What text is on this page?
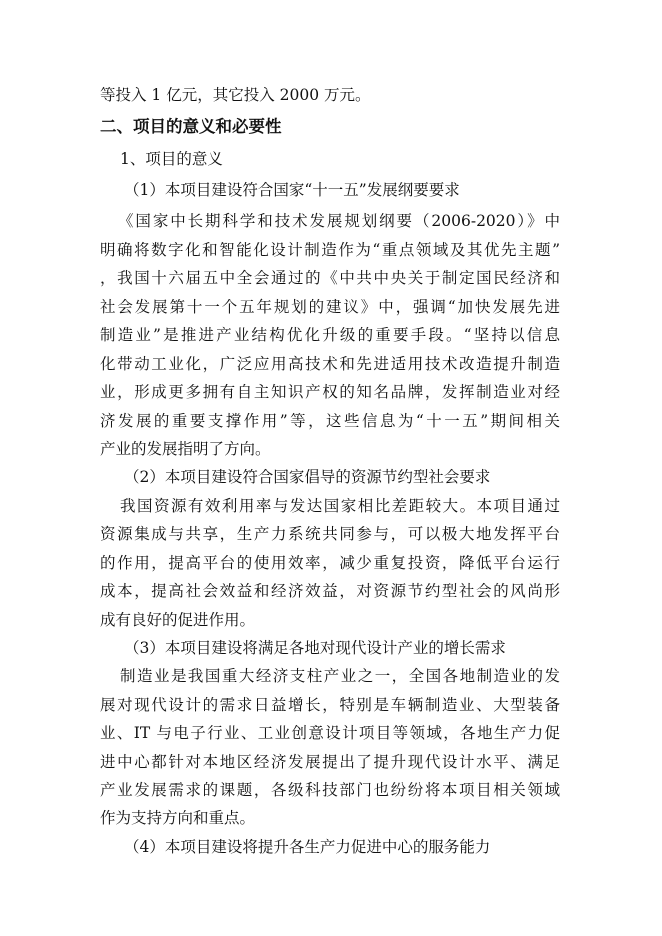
等投入 1 亿元，其它投入 2000 万元。
二、项目的意义和必要性
1、项目的意义
（1）本项目建设符合国家“十一五”发展纲要要求
《国家中长期科学和技术发展规划纲要（2006-2020）》中
明确将数字化和智能化设计制造作为“重点领域及其优先主题”
，我国十六届五中全会通过的《中共中央关于制定国民经济和
社会发展第十一个五年规划的建议》中，强调“加快发展先进
制造业”是推进产业结构优化升级的重要手段。“坚持以信息
化带动工业化，广泛应用高技术和先进适用技术改造提升制造
业，形成更多拥有自主知识产权的知名品牌，发挥制造业对经
济发展的重要支撑作用”等，这些信息为“十一五”期间相关
产业的发展指明了方向。
（2）本项目建设符合国家倡导的资源节约型社会要求
我国资源有效利用率与发达国家相比差距较大。本项目通过
资源集成与共享，生产力系统共同参与，可以极大地发挥平台
的作用，提高平台的使用效率，减少重复投资，降低平台运行
成本，提高社会效益和经济效益，对资源节约型社会的风尚形
成有良好的促进作用。
（3）本项目建设将满足各地对现代设计产业的增长需求
制造业是我国重大经济支柱产业之一，全国各地制造业的发
展对现代设计的需求日益增长，特别是车辆制造业、大型装备
业、IT 与电子行业、工业创意设计项目等领域，各地生产力促
进中心都针对本地区经济发展提出了提升现代设计水平、满足
产业发展需求的课题，各级科技部门也纷纷将本项目相关领域
作为支持方向和重点。
（4）本项目建设将提升各生产力促进中心的服务能力
